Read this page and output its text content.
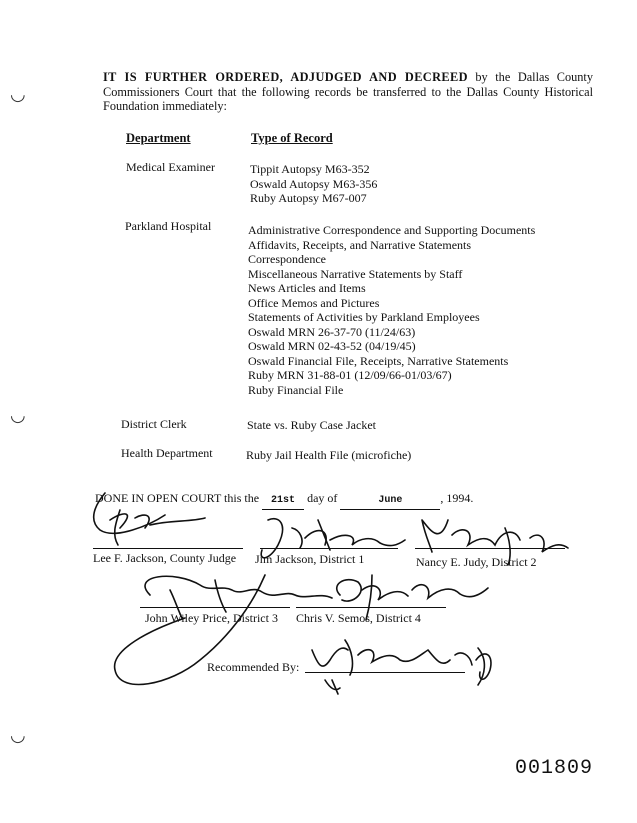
◡
◡
◡
IT IS FURTHER ORDERED, ADJUDGED AND DECREED by the Dallas County Commissioners Court that the following records be transferred to the Dallas County Historical Foundation immediately:
Department	Type of Record
Medical Examiner	Tippit Autopsy M63-352
Oswald Autopsy M63-356
Ruby Autopsy M67-007
Parkland Hospital	Administrative Correspondence and Supporting Documents
Affidavits, Receipts, and Narrative Statements
Correspondence
Miscellaneous Narrative Statements by Staff
News Articles and Items
Office Memos and Pictures
Statements of Activities by Parkland Employees
Oswald MRN 26-37-70 (11/24/63)
Oswald MRN 02-43-52 (04/19/45)
Oswald Financial File, Receipts, Narrative Statements
Ruby MRN 31-88-01 (12/09/66-01/03/67)
Ruby Financial File
District Clerk	State vs. Ruby Case Jacket
Health Department	Ruby Jail Health File (microfiche)
DONE IN OPEN COURT this the 21st day of	June	, 1994.
Lee F. Jackson, County Judge Jim Jackson, District 1	Nancy E. Judy, District 2
John Wiley Price, District 3 Chris V. Semos, District 4
Recommended By:
001809
